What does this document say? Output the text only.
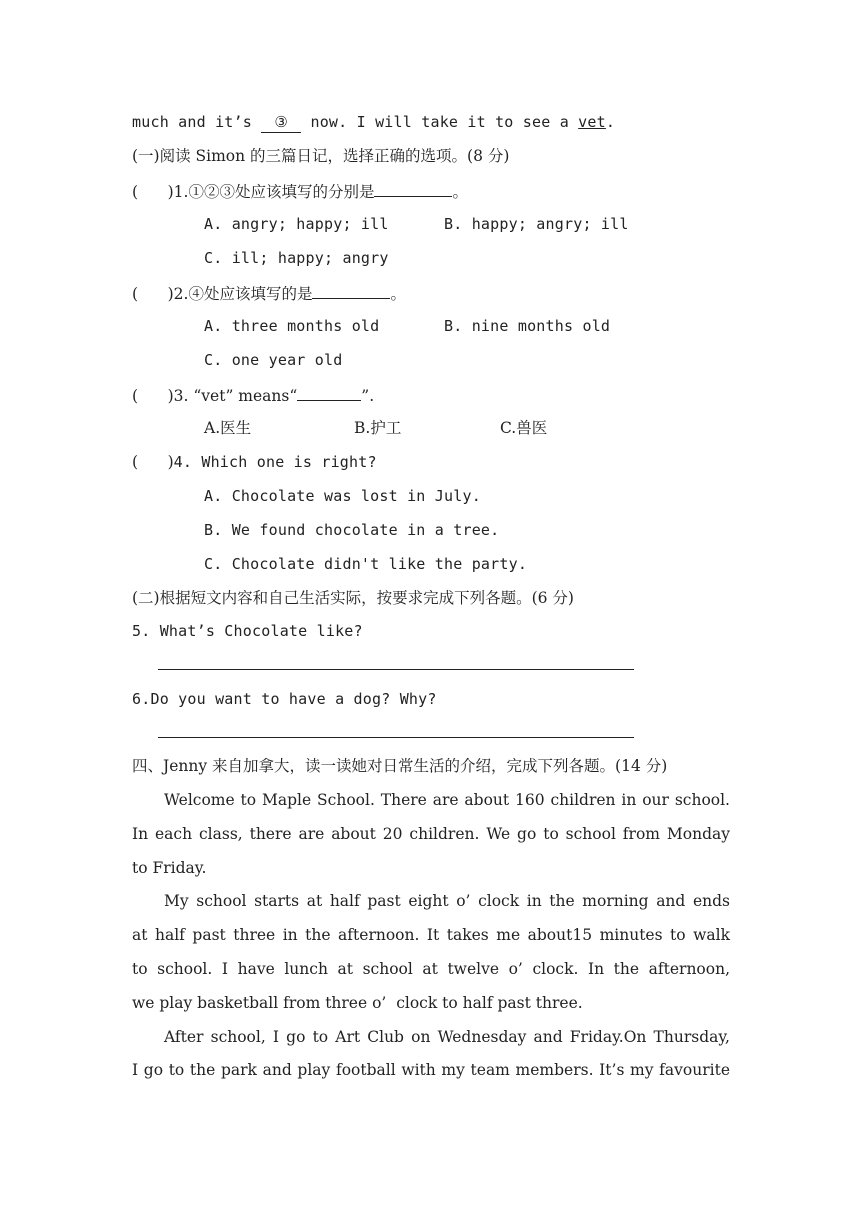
much and it’s ③ now. I will take it to see a vet.
(一)阅读 Simon 的三篇日记，选择正确的选项。(8 分)
(      )1.①②③处应该填写的分别是	。
A. angry; happy; ill	B. happy; angry; ill
C. ill; happy; angry
(      )2.④处应该填写的是	。
A. three months old	B. nine months old
C. one year old
(      )3. “vet” means“	”.
A.医生	B.护工	C.兽医
(      )4. Which one is right?
A. Chocolate was lost in July.
B. We found chocolate in a tree.
C. Chocolate didn't like the party.
(二)根据短文内容和自己生活实际，按要求完成下列各题。(6 分)
5. What’s Chocolate like?
6.Do you want to have a dog? Why?
四、Jenny 来自加拿大，读一读她对日常生活的介绍，完成下列各题。(14 分)
Welcome to Maple School. There are about 160 children in our school.
In each class, there are about 20 children. We go to school from Monday
to Friday.
My school starts at half past eight o’ clock in the morning and ends
at half past three in the afternoon. It takes me about15 minutes to walk
to school. I have lunch at school at twelve o’ clock. In the afternoon,
we play basketball from three o’  clock to half past three.
After school, I go to Art Club on Wednesday and Friday.On Thursday,
I go to the park and play football with my team members. It’s my favourite
